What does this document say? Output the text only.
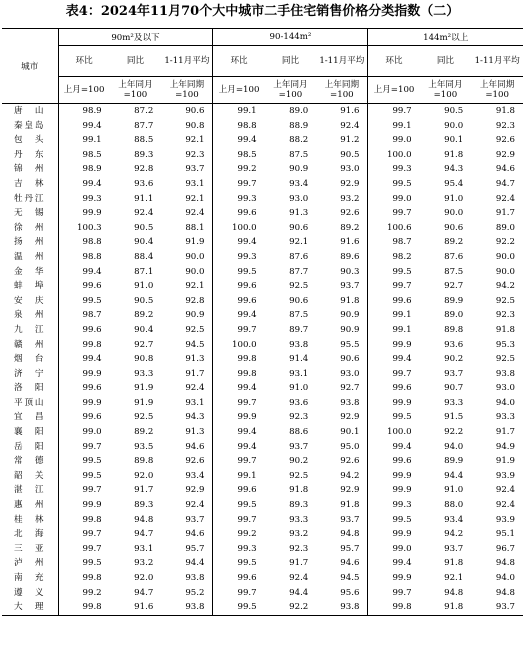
表4：2024年11月70个大中城市二手住宅销售价格分类指数（二）
城市	90m²及以下			90-144m²			144m²以上		
	环比	同比	1-11月平均	环比	同比	1-11月平均	环比	同比	1-11月平均
	上月=100	上年同月=100	上年同期=100	上月=100	上年同月=100	上年同期=100	上月=100	上年同月=100	上年同期=100
唐山	98.9	87.2	90.6	99.1	89.0	91.6	99.7	90.5	91.8
秦皇岛	99.4	87.7	90.8	98.8	88.9	92.4	99.1	90.0	92.3
包头	99.1	88.5	92.1	99.4	88.2	91.2	99.0	90.1	92.6
丹东	98.5	89.3	92.3	98.5	87.5	90.5	100.0	91.8	92.9
锦州	98.9	92.8	93.7	99.2	90.9	93.0	99.3	94.3	94.6
吉林	99.4	93.6	93.1	99.7	93.4	92.9	99.5	95.4	94.7
牡丹江	99.3	91.1	92.1	99.3	93.0	93.2	99.0	91.0	92.4
无锡	99.9	92.4	92.4	99.6	91.3	92.6	99.7	90.0	91.7
徐州	100.3	90.5	88.1	100.0	90.6	89.2	100.6	90.6	89.0
扬州	98.8	90.4	91.9	99.4	92.1	91.6	98.7	89.2	92.2
温州	98.8	88.4	90.0	99.3	87.6	89.6	98.2	87.6	90.0
金华	99.4	87.1	90.0	99.5	87.7	90.3	99.5	87.5	90.0
蚌埠	99.6	91.0	92.1	99.6	92.5	93.7	99.7	92.7	94.2
安庆	99.5	90.5	92.8	99.6	90.6	91.8	99.6	89.9	92.5
泉州	98.7	89.2	90.9	99.4	87.5	90.9	99.1	89.0	92.3
九江	99.6	90.4	92.5	99.7	89.7	90.9	99.1	89.8	91.8
赣州	99.8	92.7	94.5	100.0	93.8	95.5	99.9	93.6	95.3
烟台	99.4	90.8	91.3	99.8	91.4	90.6	99.4	90.2	92.5
济宁	99.9	93.3	91.7	99.8	93.1	93.0	99.7	93.7	93.8
洛阳	99.6	91.9	92.4	99.4	91.0	92.7	99.6	90.7	93.0
平顶山	99.9	91.9	93.1	99.7	93.6	93.8	99.9	93.3	94.0
宜昌	99.6	92.5	94.3	99.9	92.3	92.9	99.5	91.5	93.3
襄阳	99.0	89.2	91.3	99.4	88.6	90.1	100.0	92.2	91.7
岳阳	99.7	93.5	94.6	99.4	93.7	95.0	99.4	94.0	94.9
常德	99.5	89.8	92.6	99.7	90.2	92.6	99.6	89.9	91.9
韶关	99.5	92.0	93.4	99.1	92.5	94.2	99.9	94.4	93.9
湛江	99.7	91.7	92.9	99.6	91.8	92.9	99.9	91.0	92.4
惠州	99.9	89.3	92.4	99.5	89.3	91.8	99.3	88.0	92.4
桂林	99.8	94.8	93.7	99.7	93.3	93.7	99.5	93.4	93.9
北海	99.7	94.7	94.6	99.2	93.2	94.8	99.9	94.2	95.1
三亚	99.7	93.1	95.7	99.3	92.3	95.7	99.0	93.7	96.7
泸州	99.5	93.2	94.4	99.5	91.7	94.6	99.4	91.8	94.8
南充	99.8	92.0	93.8	99.6	92.4	94.5	99.9	92.1	94.0
遵义	99.2	94.7	95.2	99.7	94.4	95.6	99.7	94.8	94.8
大理	99.8	91.6	93.8	99.5	92.2	93.8	99.8	91.8	93.7
